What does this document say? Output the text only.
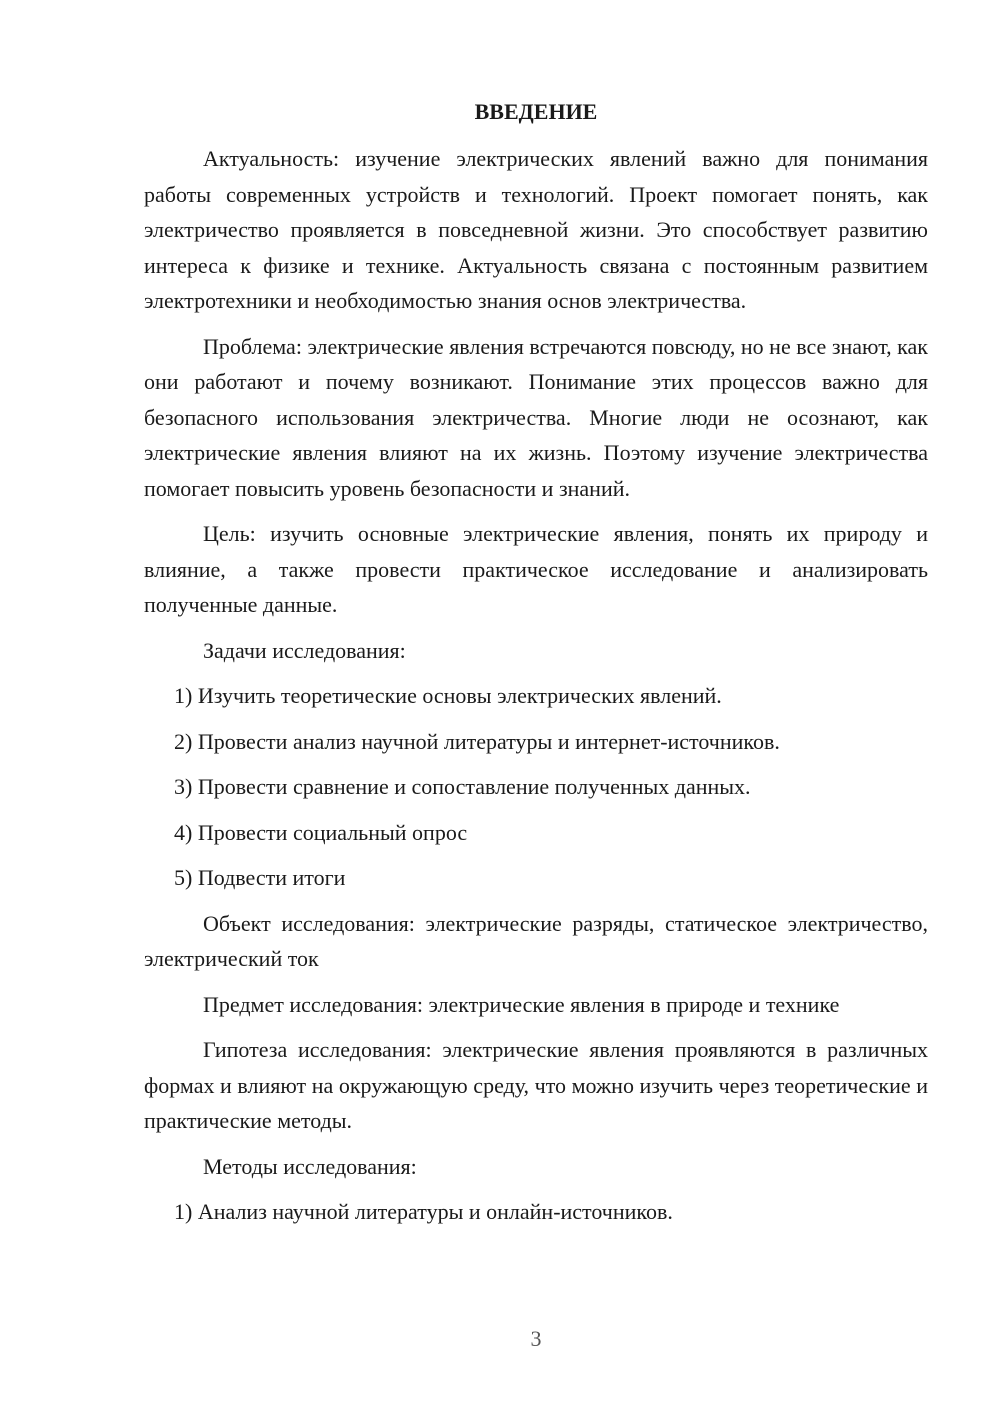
ВВЕДЕНИЕ

Актуальность: изучение электрических явлений важно для понимания работы современных устройств и технологий. Проект помогает понять, как электричество проявляется в повседневной жизни. Это способствует развитию интереса к физике и технике. Актуальность связана с постоянным развитием электротехники и необходимостью знания основ электричества.

Проблема: электрические явления встречаются повсюду, но не все знают, как они работают и почему возникают. Понимание этих процессов важно для безопасного использования электричества. Многие люди не осознают, как электрические явления влияют на их жизнь. Поэтому изучение электричества помогает повысить уровень безопасности и знаний.

Цель: изучить основные электрические явления, понять их природу и влияние, а также провести практическое исследование и анализировать полученные данные.

Задачи исследования:
1) Изучить теоретические основы электрических явлений.
2) Провести анализ научной литературы и интернет-источников.
3) Провести сравнение и сопоставление полученных данных.
4) Провести социальный опрос
5) Подвести итоги

Объект исследования: электрические разряды, статическое электричество, электрический ток

Предмет исследования: электрические явления в природе и технике

Гипотеза исследования: электрические явления проявляются в различных формах и влияют на окружающую среду, что можно изучить через теоретические и практические методы.

Методы исследования:
1) Анализ научной литературы и онлайн-источников.
3
